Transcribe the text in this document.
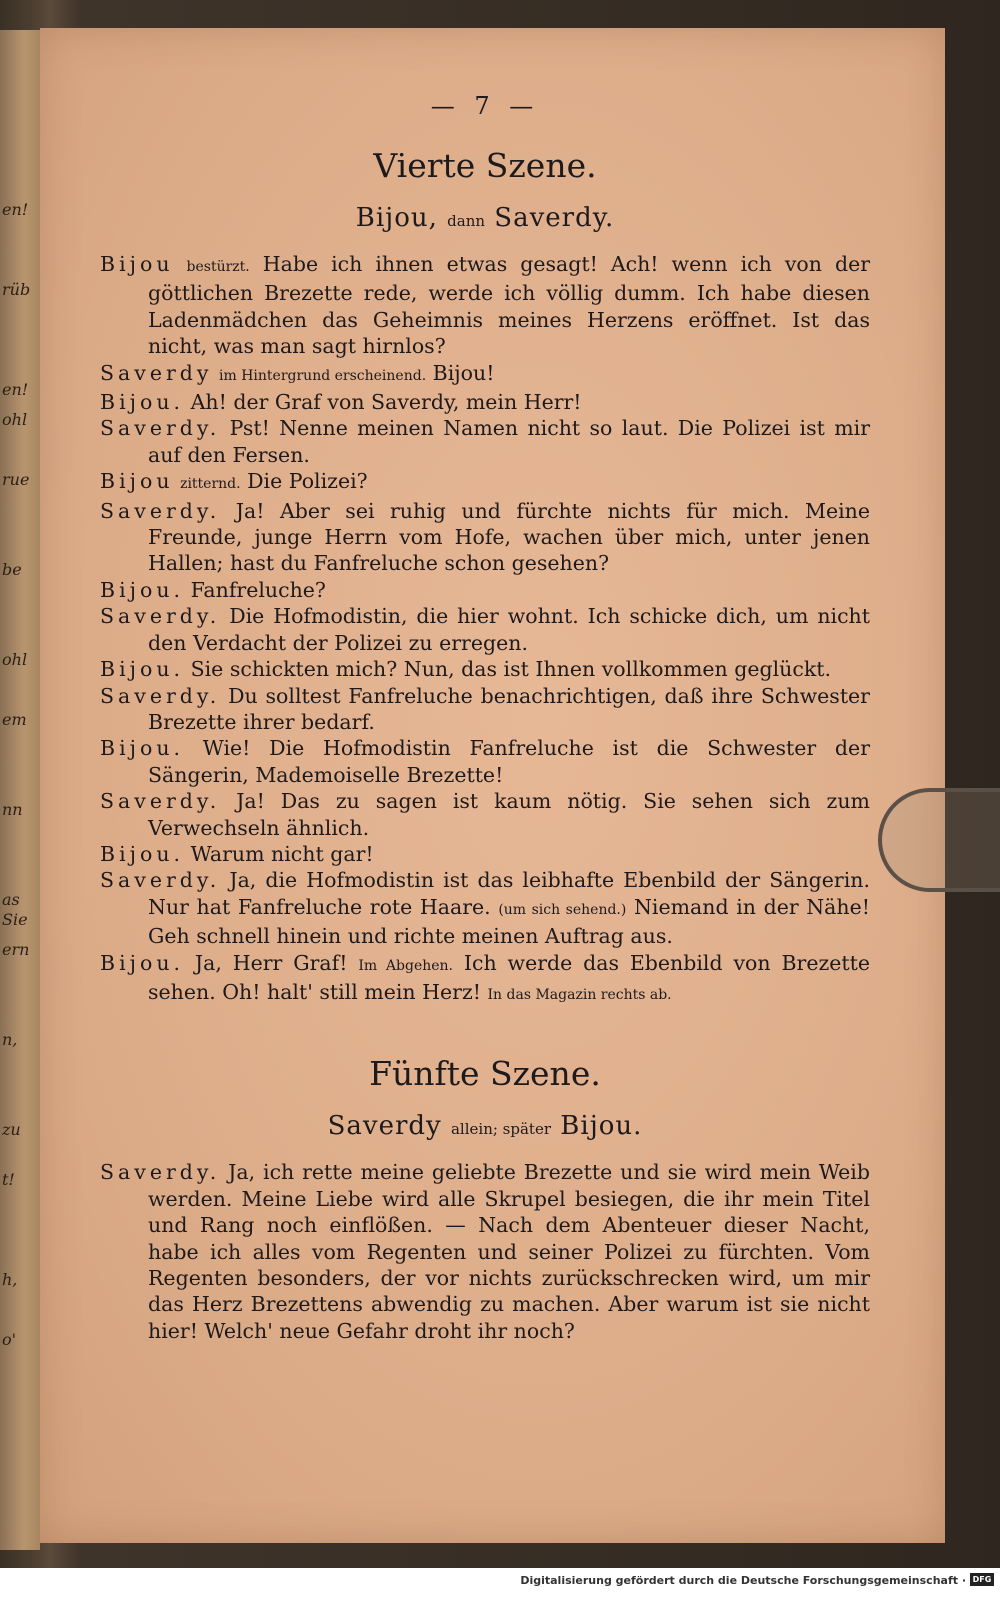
en!
rüb
en!
ohl
rue
be
ohl
em
nn
as
Sie
ern
n,
zu
t!
h,
o'
— 7 —
Vierte Szene.
Bijou, dann Saverdy.
Bijou bestürzt. Habe ich ihnen etwas gesagt! Ach! wenn ich von der göttlichen Brezette rede, werde ich völlig dumm. Ich habe diesen Ladenmädchen das Geheimnis meines Herzens eröffnet. Ist das nicht, was man sagt hirnlos?
Saverdy im Hintergrund erscheinend. Bijou!
Bijou. Ah! der Graf von Saverdy, mein Herr!
Saverdy. Pst! Nenne meinen Namen nicht so laut. Die Polizei ist mir auf den Fersen.
Bijou zitternd. Die Polizei?
Saverdy. Ja! Aber sei ruhig und fürchte nichts für mich. Meine Freunde, junge Herrn vom Hofe, wachen über mich, unter jenen Hallen; hast du Fanfreluche schon gesehen?
Bijou. Fanfreluche?
Saverdy. Die Hofmodistin, die hier wohnt. Ich schicke dich, um nicht den Verdacht der Polizei zu erregen.
Bijou. Sie schickten mich? Nun, das ist Ihnen vollkommen geglückt.
Saverdy. Du solltest Fanfreluche benachrichtigen, daß ihre Schwester Brezette ihrer bedarf.
Bijou. Wie! Die Hofmodistin Fanfreluche ist die Schwester der Sängerin, Mademoiselle Brezette!
Saverdy. Ja! Das zu sagen ist kaum nötig. Sie sehen sich zum Verwechseln ähnlich.
Bijou. Warum nicht gar!
Saverdy. Ja, die Hofmodistin ist das leibhafte Ebenbild der Sängerin. Nur hat Fanfreluche rote Haare. (um sich sehend.) Niemand in der Nähe! Geh schnell hinein und richte meinen Auftrag aus.
Bijou. Ja, Herr Graf! Im Abgehen. Ich werde das Ebenbild von Brezette sehen. Oh! halt' still mein Herz! In das Magazin rechts ab.
Fünfte Szene.
Saverdy allein; später Bijou.
Saverdy. Ja, ich rette meine geliebte Brezette und sie wird mein Weib werden. Meine Liebe wird alle Skrupel besiegen, die ihr mein Titel und Rang noch einflößen. — Nach dem Abenteuer dieser Nacht, habe ich alles vom Regenten und seiner Polizei zu fürchten. Vom Regenten besonders, der vor nichts zurückschrecken wird, um mir das Herz Brezettens abwendig zu machen. Aber warum ist sie nicht hier! Welch' neue Gefahr droht ihr noch?
Digitalisierung gefördert durch die Deutsche Forschungsgemeinschaft · DFG
